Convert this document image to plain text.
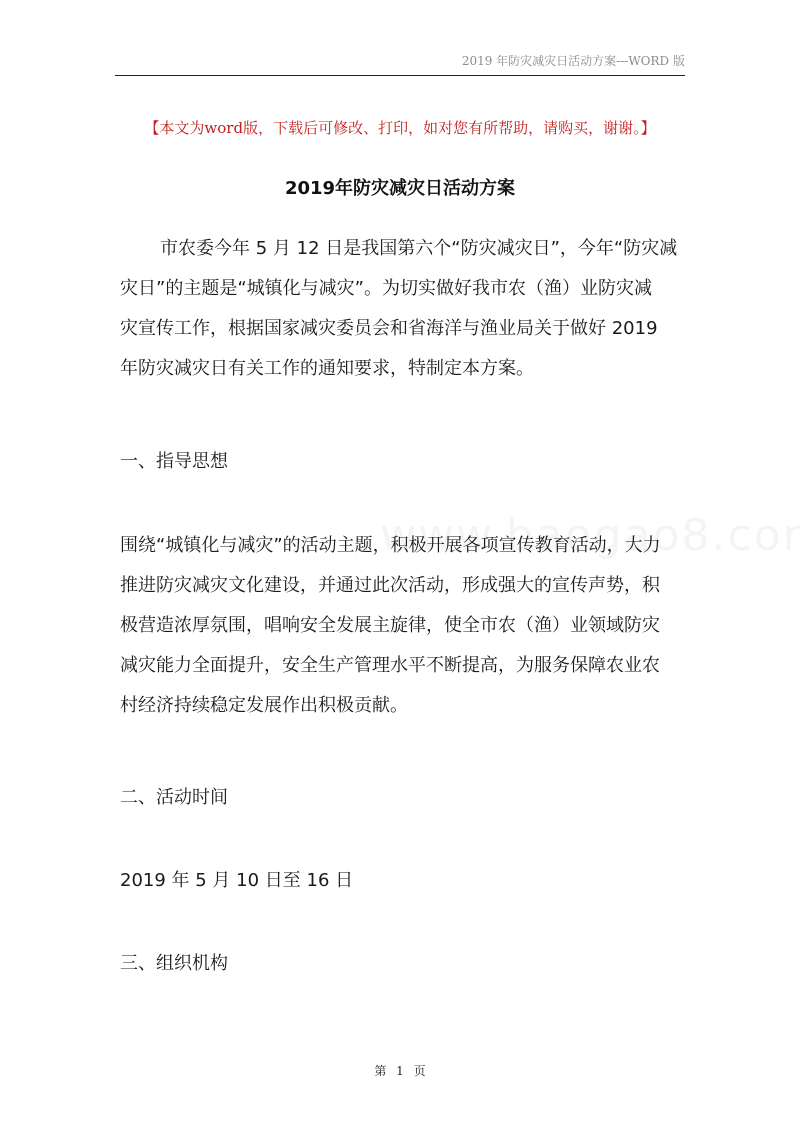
2019 年防灾减灾日活动方案---WORD 版
【本文为word版，下载后可修改、打印，如对您有所帮助，请购买，谢谢。】
2019年防灾减灾日活动方案
市农委今年 5 月 12 日是我国第六个“防灾减灾日”，今年“防灾减
灾日”的主题是“城镇化与减灾”。为切实做好我市农（渔）业防灾减
灾宣传工作，根据国家减灾委员会和省海洋与渔业局关于做好 2019
年防灾减灾日有关工作的通知要求，特制定本方案。
一、指导思想
围绕“城镇化与减灾”的活动主题，积极开展各项宣传教育活动，大力
推进防灾减灾文化建设，并通过此次活动，形成强大的宣传声势，积
极营造浓厚氛围，唱响安全发展主旋律，使全市农（渔）业领域防灾
减灾能力全面提升，安全生产管理水平不断提高，为服务保障农业农
村经济持续稳定发展作出积极贡献。
二、活动时间
2019 年 5 月 10 日至 16 日
三、组织机构
第 1 页
